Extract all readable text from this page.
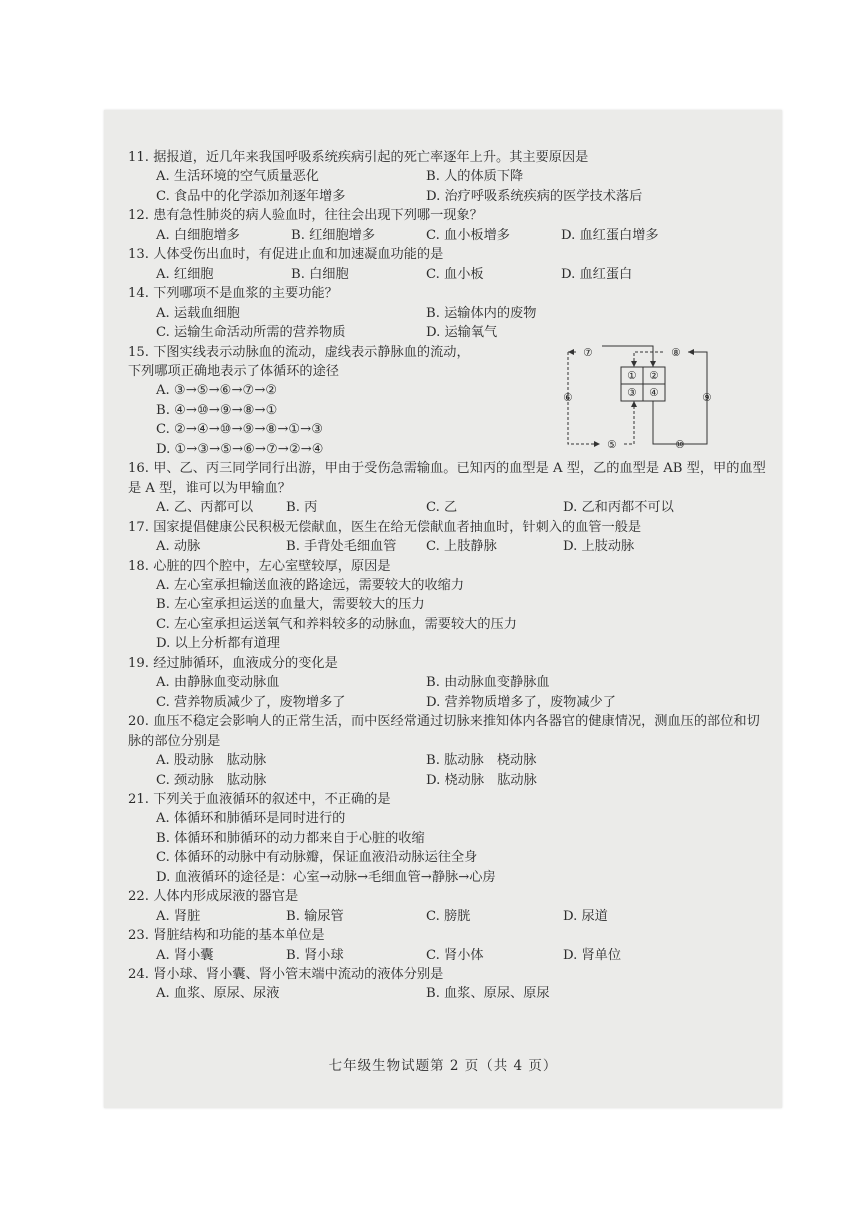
11. 据报道，近几年来我国呼吸系统疾病引起的死亡率逐年上升。其主要原因是
A. 生活环境的空气质量恶化	B. 人的体质下降
C. 食品中的化学添加剂逐年增多	D. 治疗呼吸系统疾病的医学技术落后
12. 患有急性肺炎的病人验血时，往往会出现下列哪一现象？
A. 白细胞增多	B. 红细胞增多	C. 血小板增多	D. 血红蛋白增多
13. 人体受伤出血时，有促进止血和加速凝血功能的是
A. 红细胞	B. 白细胞	C. 血小板	D. 血红蛋白
14. 下列哪项不是血浆的主要功能？
A. 运载血细胞	B. 运输体内的废物
C. 运输生命活动所需的营养物质	D. 运输氧气
15. 下图实线表示动脉血的流动，虚线表示静脉血的流动，
下列哪项正确地表示了体循环的途径
A. ③→⑤→⑥→⑦→②
B. ④→⑩→⑨→⑧→①
C. ②→④→⑩→⑨→⑧→①→③
D. ①→③→⑤→⑥→⑦→②→④
① ②
③ ④
⑤
⑥
⑦	⑧
⑨
⑩
16. 甲、乙、丙三同学同行出游，甲由于受伤急需输血。已知丙的血型是 A 型，乙的血型是 AB 型，甲的血型是 A 型，谁可以为甲输血？
A. 乙、丙都可以	B. 丙	C. 乙	D. 乙和丙都不可以
17. 国家提倡健康公民积极无偿献血，医生在给无偿献血者抽血时，针刺入的血管一般是
A. 动脉	B. 手背处毛细血管	C. 上肢静脉	D. 上肢动脉
18. 心脏的四个腔中，左心室壁较厚，原因是
A. 左心室承担输送血液的路途远，需要较大的收缩力
B. 左心室承担运送的血量大，需要较大的压力
C. 左心室承担运送氧气和养料较多的动脉血，需要较大的压力
D. 以上分析都有道理
19. 经过肺循环，血液成分的变化是
A. 由静脉血变动脉血	B. 由动脉血变静脉血
C. 营养物质减少了，废物增多了	D. 营养物质增多了，废物减少了
20. 血压不稳定会影响人的正常生活，而中医经常通过切脉来推知体内各器官的健康情况，测血压的部位和切脉的部位分别是
A. 股动脉　肱动脉	B. 肱动脉　桡动脉
C. 颈动脉　肱动脉	D. 桡动脉　肱动脉
21. 下列关于血液循环的叙述中，不正确的是
A. 体循环和肺循环是同时进行的
B. 体循环和肺循环的动力都来自于心脏的收缩
C. 体循环的动脉中有动脉瓣，保证血液沿动脉运往全身
D. 血液循环的途径是：心室→动脉→毛细血管→静脉→心房
22. 人体内形成尿液的器官是
A. 肾脏	B. 输尿管	C. 膀胱	D. 尿道
23. 肾脏结构和功能的基本单位是
A. 肾小囊	B. 肾小球	C. 肾小体	D. 肾单位
24. 肾小球、肾小囊、肾小管末端中流动的液体分别是
A. 血浆、原尿、尿液	B. 血浆、原尿、原尿
七年级生物试题第 2 页（共 4 页）
